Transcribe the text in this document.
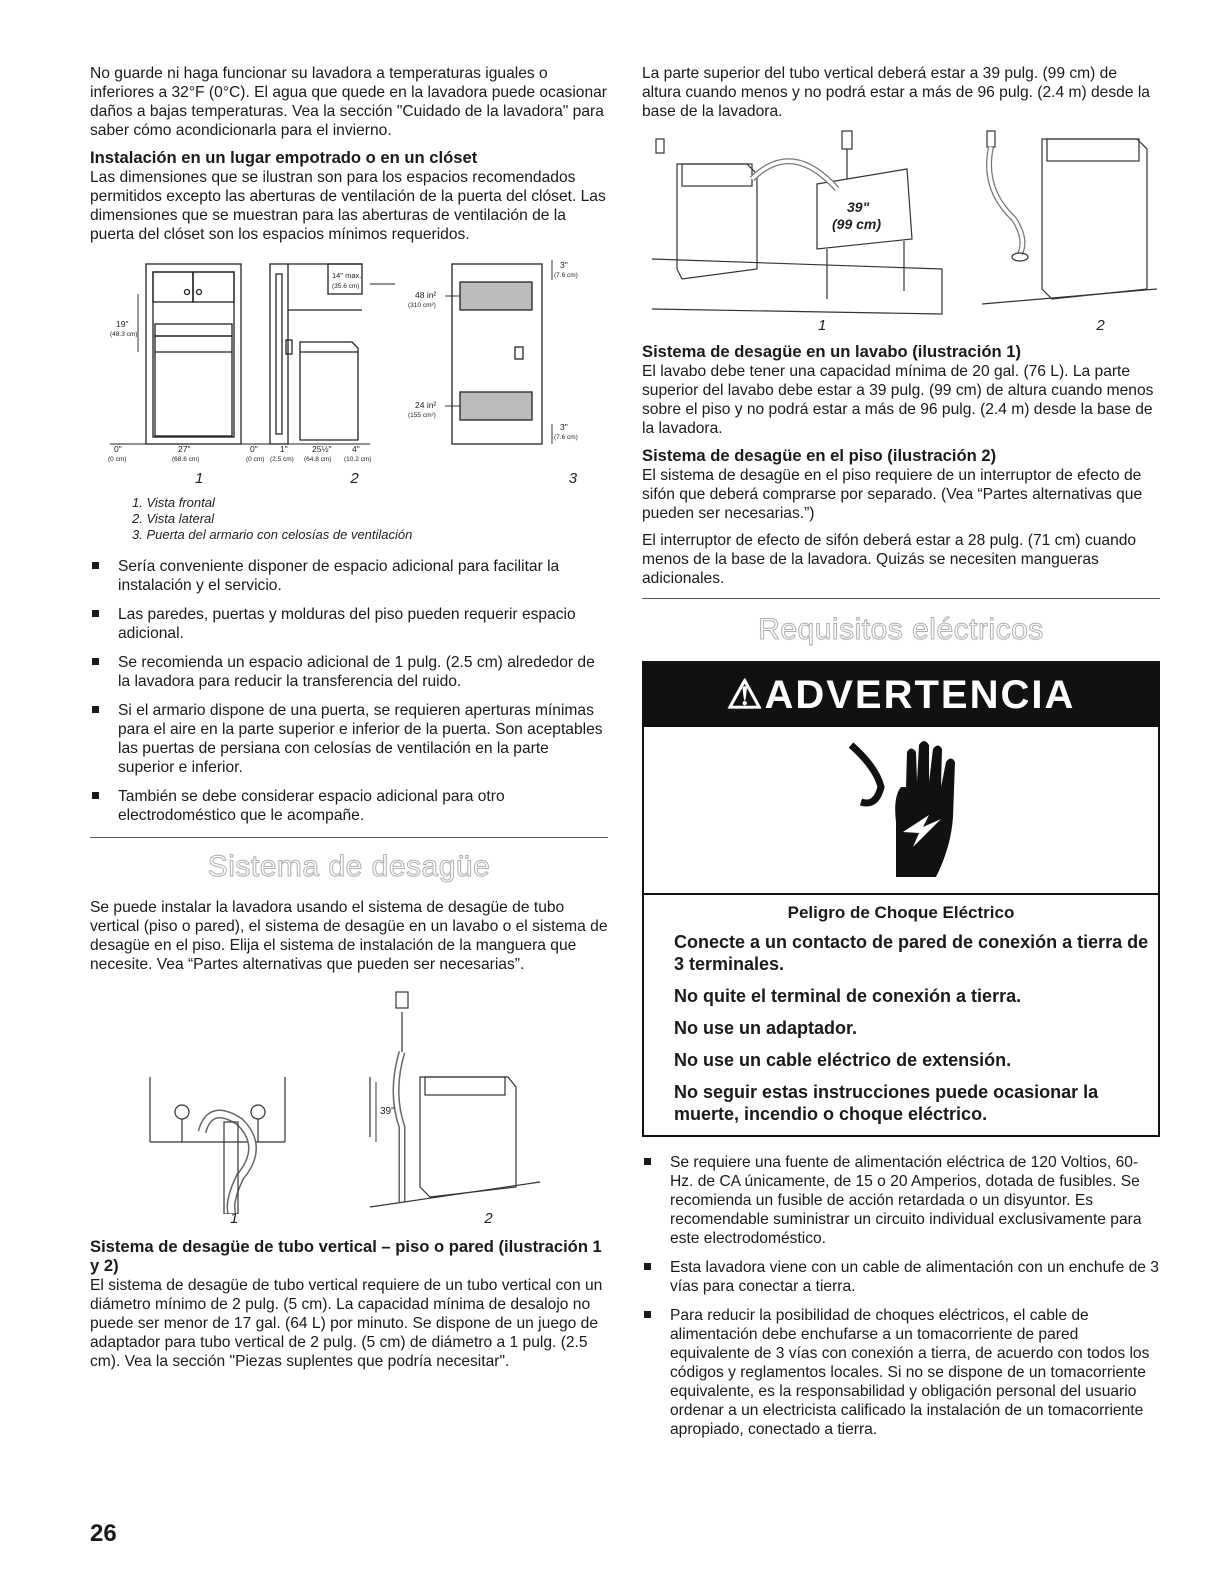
No guarde ni haga funcionar su lavadora a temperaturas iguales o inferiores a 32°F (0°C). El agua que quede en la lavadora puede ocasionar daños a bajas temperaturas. Vea la sección "Cuidado de la lavadora" para saber cómo acondicionarla para el invierno.

Instalación en un lugar empotrado o en un clóset

Las dimensiones que se ilustran son para los espacios recomendados permitidos excepto las aberturas de ventilación de la puerta del clóset. Las dimensiones que se muestran para las aberturas de ventilación de la puerta del clóset son los espacios mínimos requeridos.

19"
(48.3 cm)
0"
(0 cm)
27"
(68.6 cm)
0"
(0 cm)
1"
(2.5 cm)
25½"
(64.8 cm)
4"
(10.2 cm)
14" max.
(35.6 cm)
48 in²
(310 cm²)
24 in²
(155 cm²)
3"
(7.6 cm)
3"
(7.6 cm)
1	2	3
1. Vista frontal
2. Vista lateral
3. Puerta del armario con celosías de ventilación
Sería conveniente disponer de espacio adicional para facilitar la instalación y el servicio.
Las paredes, puertas y molduras del piso pueden requerir espacio adicional.
Se recomienda un espacio adicional de 1 pulg. (2.5 cm) alrededor de la lavadora para reducir la transferencia del ruido.
Si el armario dispone de una puerta, se requieren aperturas mínimas para el aire en la parte superior e inferior de la puerta. Son aceptables las puertas de persiana con celosías de ventilación en la parte superior e inferior.
También se debe considerar espacio adicional para otro electrodoméstico que le acompañe.
Sistema de desagüe

Se puede instalar la lavadora usando el sistema de desagüe de tubo vertical (piso o pared), el sistema de desagüe en un lavabo o el sistema de desagüe en el piso. Elija el sistema de instalación de la manguera que necesite. Vea “Partes alternativas que pueden ser necesarias”.

39"
1	2
Sistema de desagüe de tubo vertical – piso o pared (ilustración 1 y 2)

El sistema de desagüe de tubo vertical requiere de un tubo vertical con un diámetro mínimo de 2 pulg. (5 cm). La capacidad mínima de desalojo no puede ser menor de 17 gal. (64 L) por minuto. Se dispone de un juego de adaptador para tubo vertical de 2 pulg. (5 cm) de diámetro a 1 pulg. (2.5 cm). Vea la sección "Piezas suplentes que podría necesitar".

La parte superior del tubo vertical deberá estar a 39 pulg. (99 cm) de altura cuando menos y no podrá estar a más de 96 pulg. (2.4 m) desde la base de la lavadora.

39"
(99 cm)
1	2
Sistema de desagüe en un lavabo (ilustración 1)

El lavabo debe tener una capacidad mínima de 20 gal. (76 L). La parte superior del lavabo debe estar a 39 pulg. (99 cm) de altura cuando menos sobre el piso y no podrá estar a más de 96 pulg. (2.4 m) desde la base de la lavadora.

Sistema de desagüe en el piso (ilustración 2)

El sistema de desagüe en el piso requiere de un interruptor de efecto de sifón que deberá comprarse por separado. (Vea “Partes alternativas que pueden ser necesarias.”)

El interruptor de efecto de sifón deberá estar a 28 pulg. (71 cm) cuando menos de la base de la lavadora. Quizás se necesiten mangueras adicionales.

Requisitos eléctricos
⚠ADVERTENCIA
Peligro de Choque Eléctrico
Conecte a un contacto de pared de conexión a tierra de 3 terminales.
No quite el terminal de conexión a tierra.
No use un adaptador.
No use un cable eléctrico de extensión.
No seguir estas instrucciones puede ocasionar la muerte, incendio o choque eléctrico.
Se requiere una fuente de alimentación eléctrica de 120 Voltios, 60-Hz. de CA únicamente, de 15 o 20 Amperios, dotada de fusibles. Se recomienda un fusible de acción retardada o un disyuntor. Es recomendable suministrar un circuito individual exclusivamente para este electrodoméstico.
Esta lavadora viene con un cable de alimentación con un enchufe de 3 vías para conectar a tierra.
Para reducir la posibilidad de choques eléctricos, el cable de alimentación debe enchufarse a un tomacorriente de pared equivalente de 3 vías con conexión a tierra, de acuerdo con todos los códigos y reglamentos locales. Si no se dispone de un tomacorriente equivalente, es la responsabilidad y obligación personal del usuario ordenar a un electricista calificado la instalación de un tomacorriente apropiado, conectado a tierra.
26
